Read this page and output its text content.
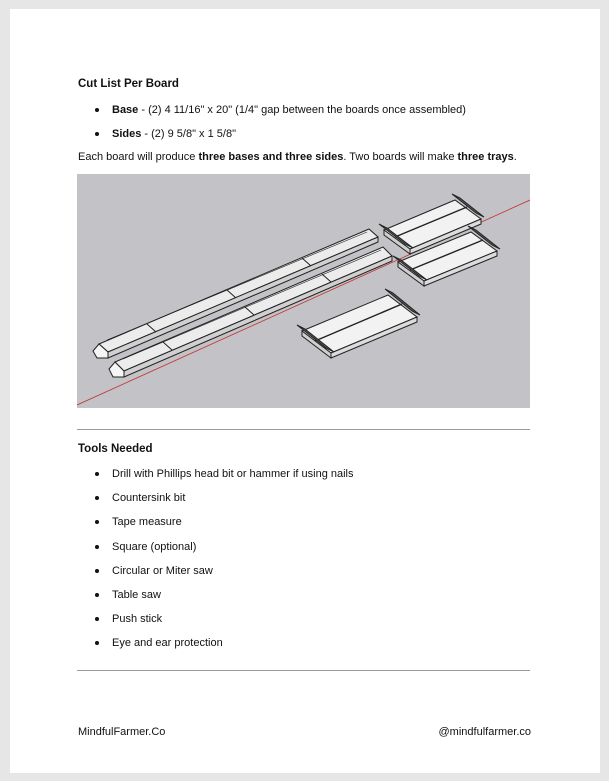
Cut List Per Board
Base - (2) 4 11/16" x 20" (1/4" gap between the boards once assembled)
Sides - (2) 9 5/8" x 1 5/8"
Each board will produce three bases and three sides. Two boards will make three trays.
Tools Needed
Drill with Phillips head bit or hammer if using nails
Countersink bit
Tape measure
Square (optional)
Circular or Miter saw
Table saw
Push stick
Eye and ear protection
MindfulFarmer.Co	@mindfulfarmer.co
